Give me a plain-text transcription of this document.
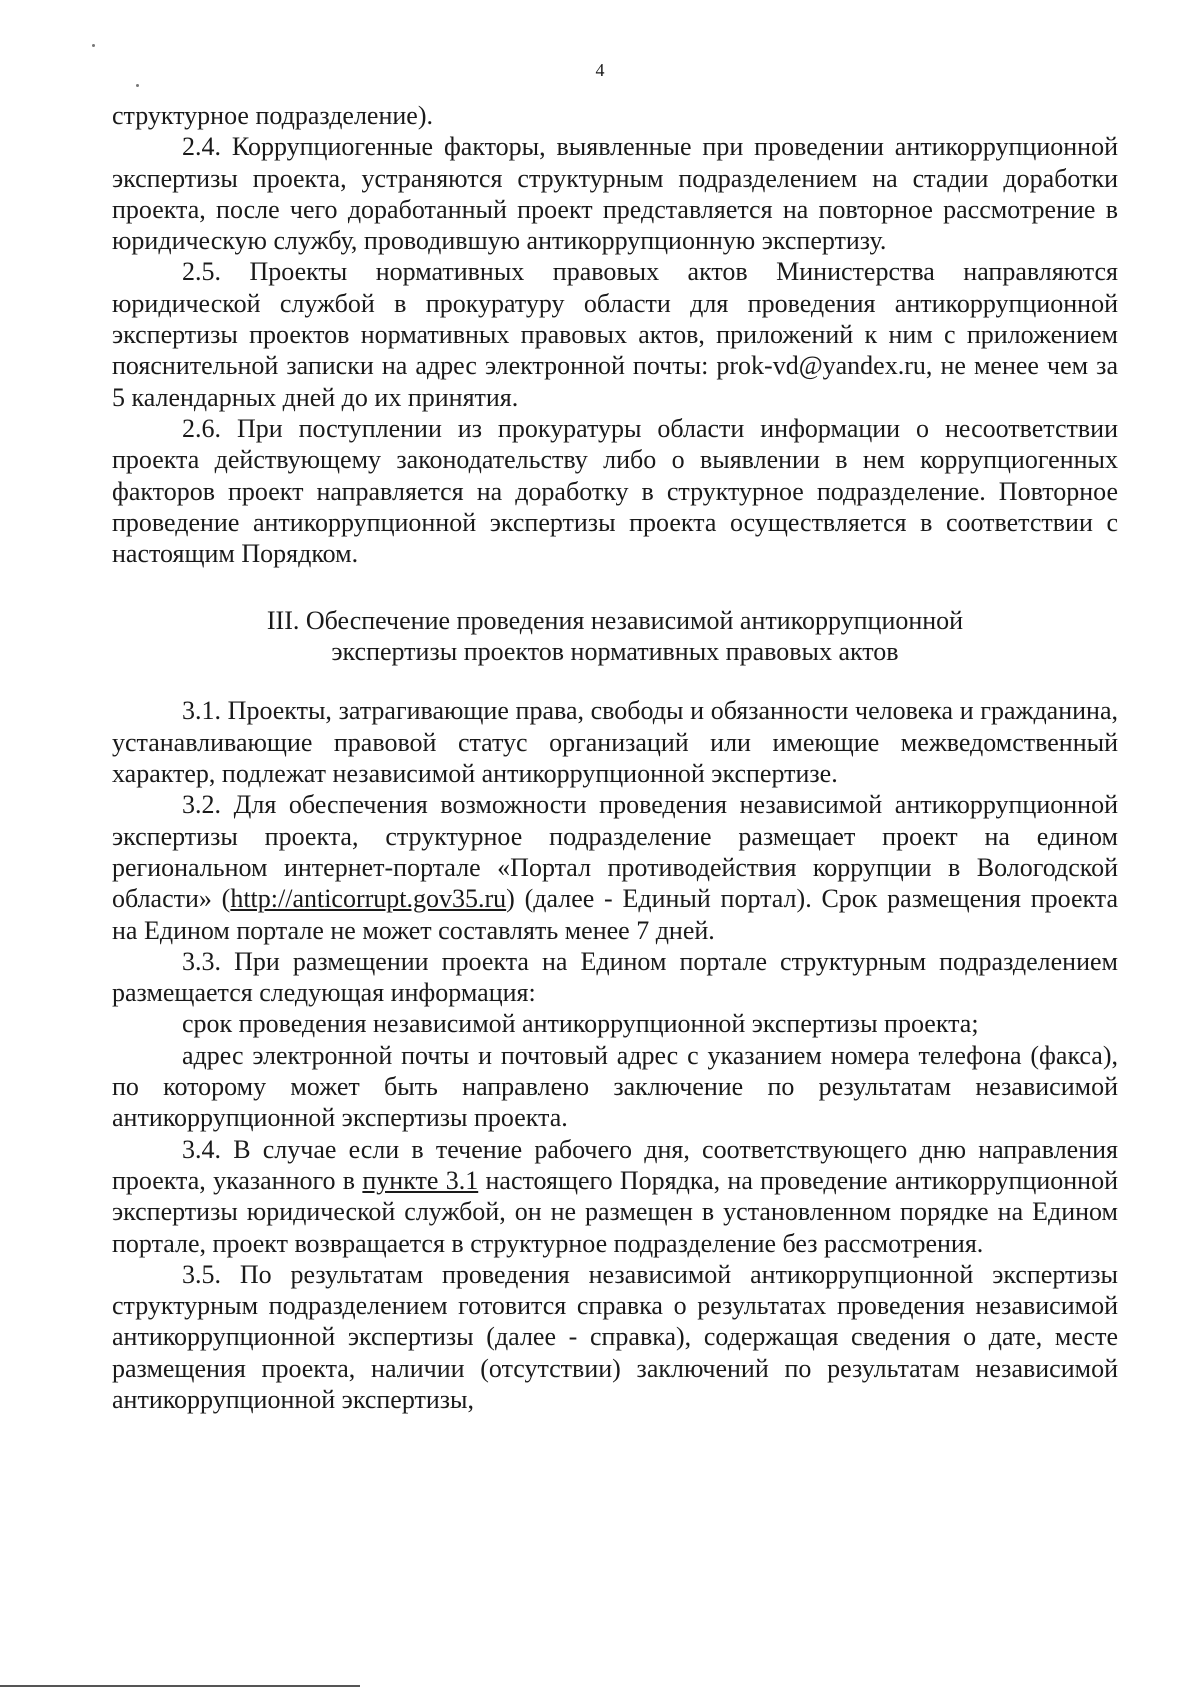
4

структурное подразделение).

2.4. Коррупциогенные факторы, выявленные при проведении антикоррупционной экспертизы проекта, устраняются структурным подразделением на стадии доработки проекта, после чего доработанный проект представляется на повторное рассмотрение в юридическую службу, проводившую антикоррупционную экспертизу.

2.5. Проекты нормативных правовых актов Министерства направляются юридической службой в прокуратуру области для проведения антикоррупционной экспертизы проектов нормативных правовых актов, приложений к ним с приложением пояснительной записки на адрес электронной почты: prok-vd@yandex.ru, не менее чем за 5 календарных дней до их принятия.

2.6. При поступлении из прокуратуры области информации о несоответствии проекта действующему законодательству либо о выявлении в нем коррупциогенных факторов проект направляется на доработку в структурное подразделение. Повторное проведение антикоррупционной экспертизы проекта осуществляется в соответствии с настоящим Порядком.

III. Обеспечение проведения независимой антикоррупционной
экспертизы проектов нормативных правовых актов

3.1. Проекты, затрагивающие права, свободы и обязанности человека и гражданина, устанавливающие правовой статус организаций или имеющие межведомственный характер, подлежат независимой антикоррупционной экспертизе.

3.2. Для обеспечения возможности проведения независимой антикоррупционной экспертизы проекта, структурное подразделение размещает проект на едином региональном интернет-портале «Портал противодействия коррупции в Вологодской области» (http://anticorrupt.gov35.ru) (далее - Единый портал). Срок размещения проекта на Едином портале не может составлять менее 7 дней.

3.3. При размещении проекта на Едином портале структурным подразделением размещается следующая информация:

срок проведения независимой антикоррупционной экспертизы проекта;

адрес электронной почты и почтовый адрес с указанием номера телефона (факса), по которому может быть направлено заключение по результатам независимой антикоррупционной экспертизы проекта.

3.4. В случае если в течение рабочего дня, соответствующего дню направления проекта, указанного в пункте 3.1 настоящего Порядка, на проведение антикоррупционной экспертизы юридической службой, он не размещен в установленном порядке на Едином портале, проект возвращается в структурное подразделение без рассмотрения.

3.5. По результатам проведения независимой антикоррупционной экспертизы структурным подразделением готовится справка о результатах проведения независимой антикоррупционной экспертизы (далее - справка), содержащая сведения о дате, месте размещения проекта, наличии (отсутствии) заключений по результатам независимой антикоррупционной экспертизы,
